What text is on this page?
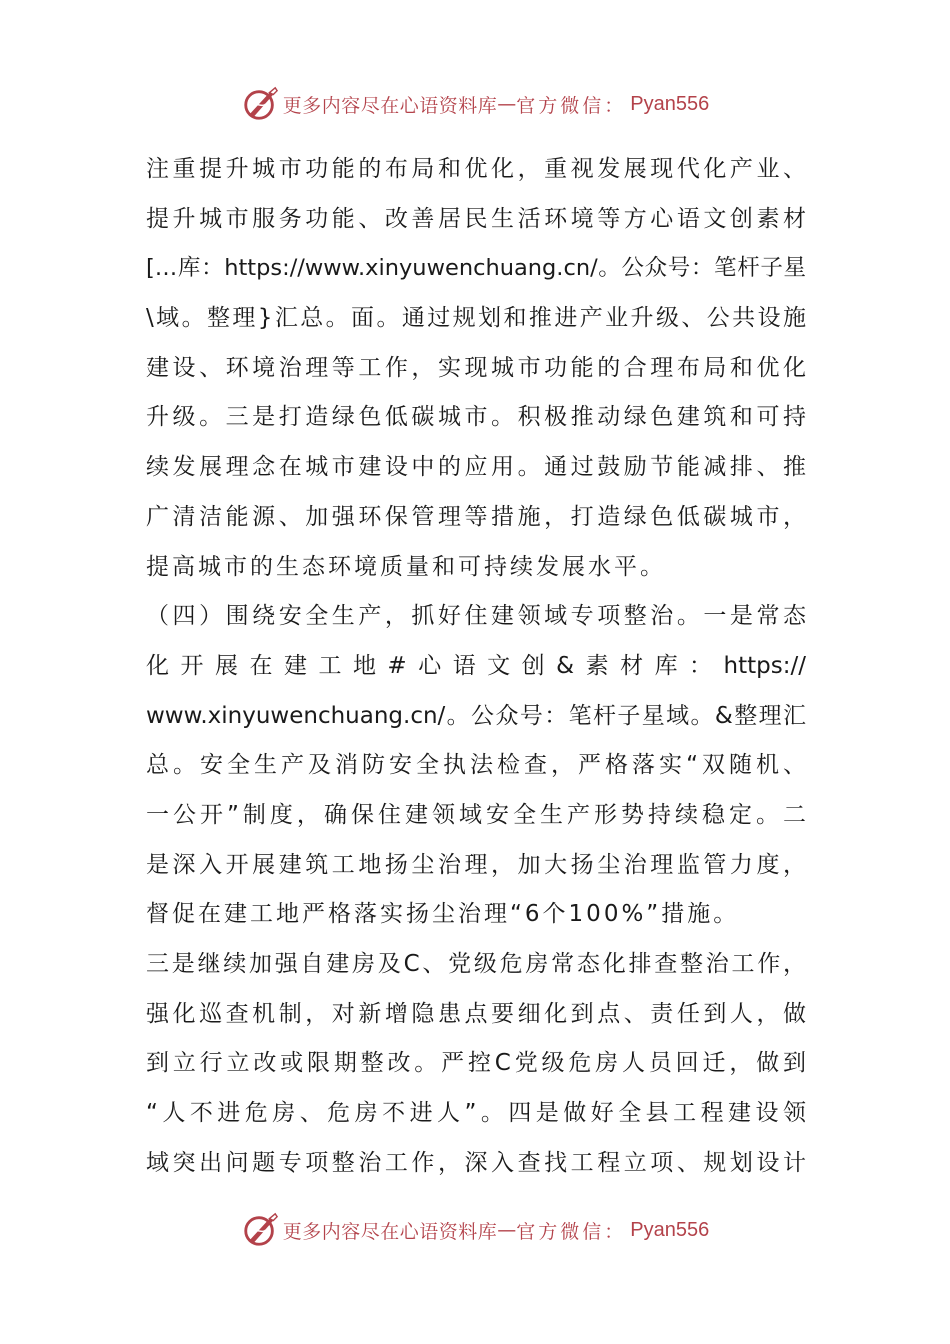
更多内容尽在心语资料库 — 官方微信： Pyan556
注重提升城市功能的布局和优化，重视发展现代化产业、
提升城市服务功能、改善居民生活环境等方心语文创素材
[…库：https://www.xinyuwenchuang.cn/。公众号：笔杆子星
\域。整理}汇总。面。通过规划和推进产业升级、公共设施
建设、环境治理等工作，实现城市功能的合理布局和优化
升级。三是打造绿色低碳城市。积极推动绿色建筑和可持
续发展理念在城市建设中的应用。通过鼓励节能减排、推
广清洁能源、加强环保管理等措施，打造绿色低碳城市，
提高城市的生态环境质量和可持续发展水平。
（四）围绕安全生产，抓好住建领域专项整治。一是常态
化开展在建工地#心语文创&素材库：https://
www.xinyuwenchuang.cn/。公众号：笔杆子星域。&整理汇
总。安全生产及消防安全执法检查，严格落实“双随机、
一公开”制度，确保住建领域安全生产形势持续稳定。二
是深入开展建筑工地扬尘治理，加大扬尘治理监管力度，
督促在建工地严格落实扬尘治理“6个100%”措施。
三是继续加强自建房及C、党级危房常态化排查整治工作，
强化巡查机制，对新增隐患点要细化到点、责任到人，做
到立行立改或限期整改。严控C党级危房人员回迁，做到
“人不进危房、危房不进人”。四是做好全县工程建设领
域突出问题专项整治工作，深入查找工程立项、规划设计
更多内容尽在心语资料库 — 官方微信： Pyan556
